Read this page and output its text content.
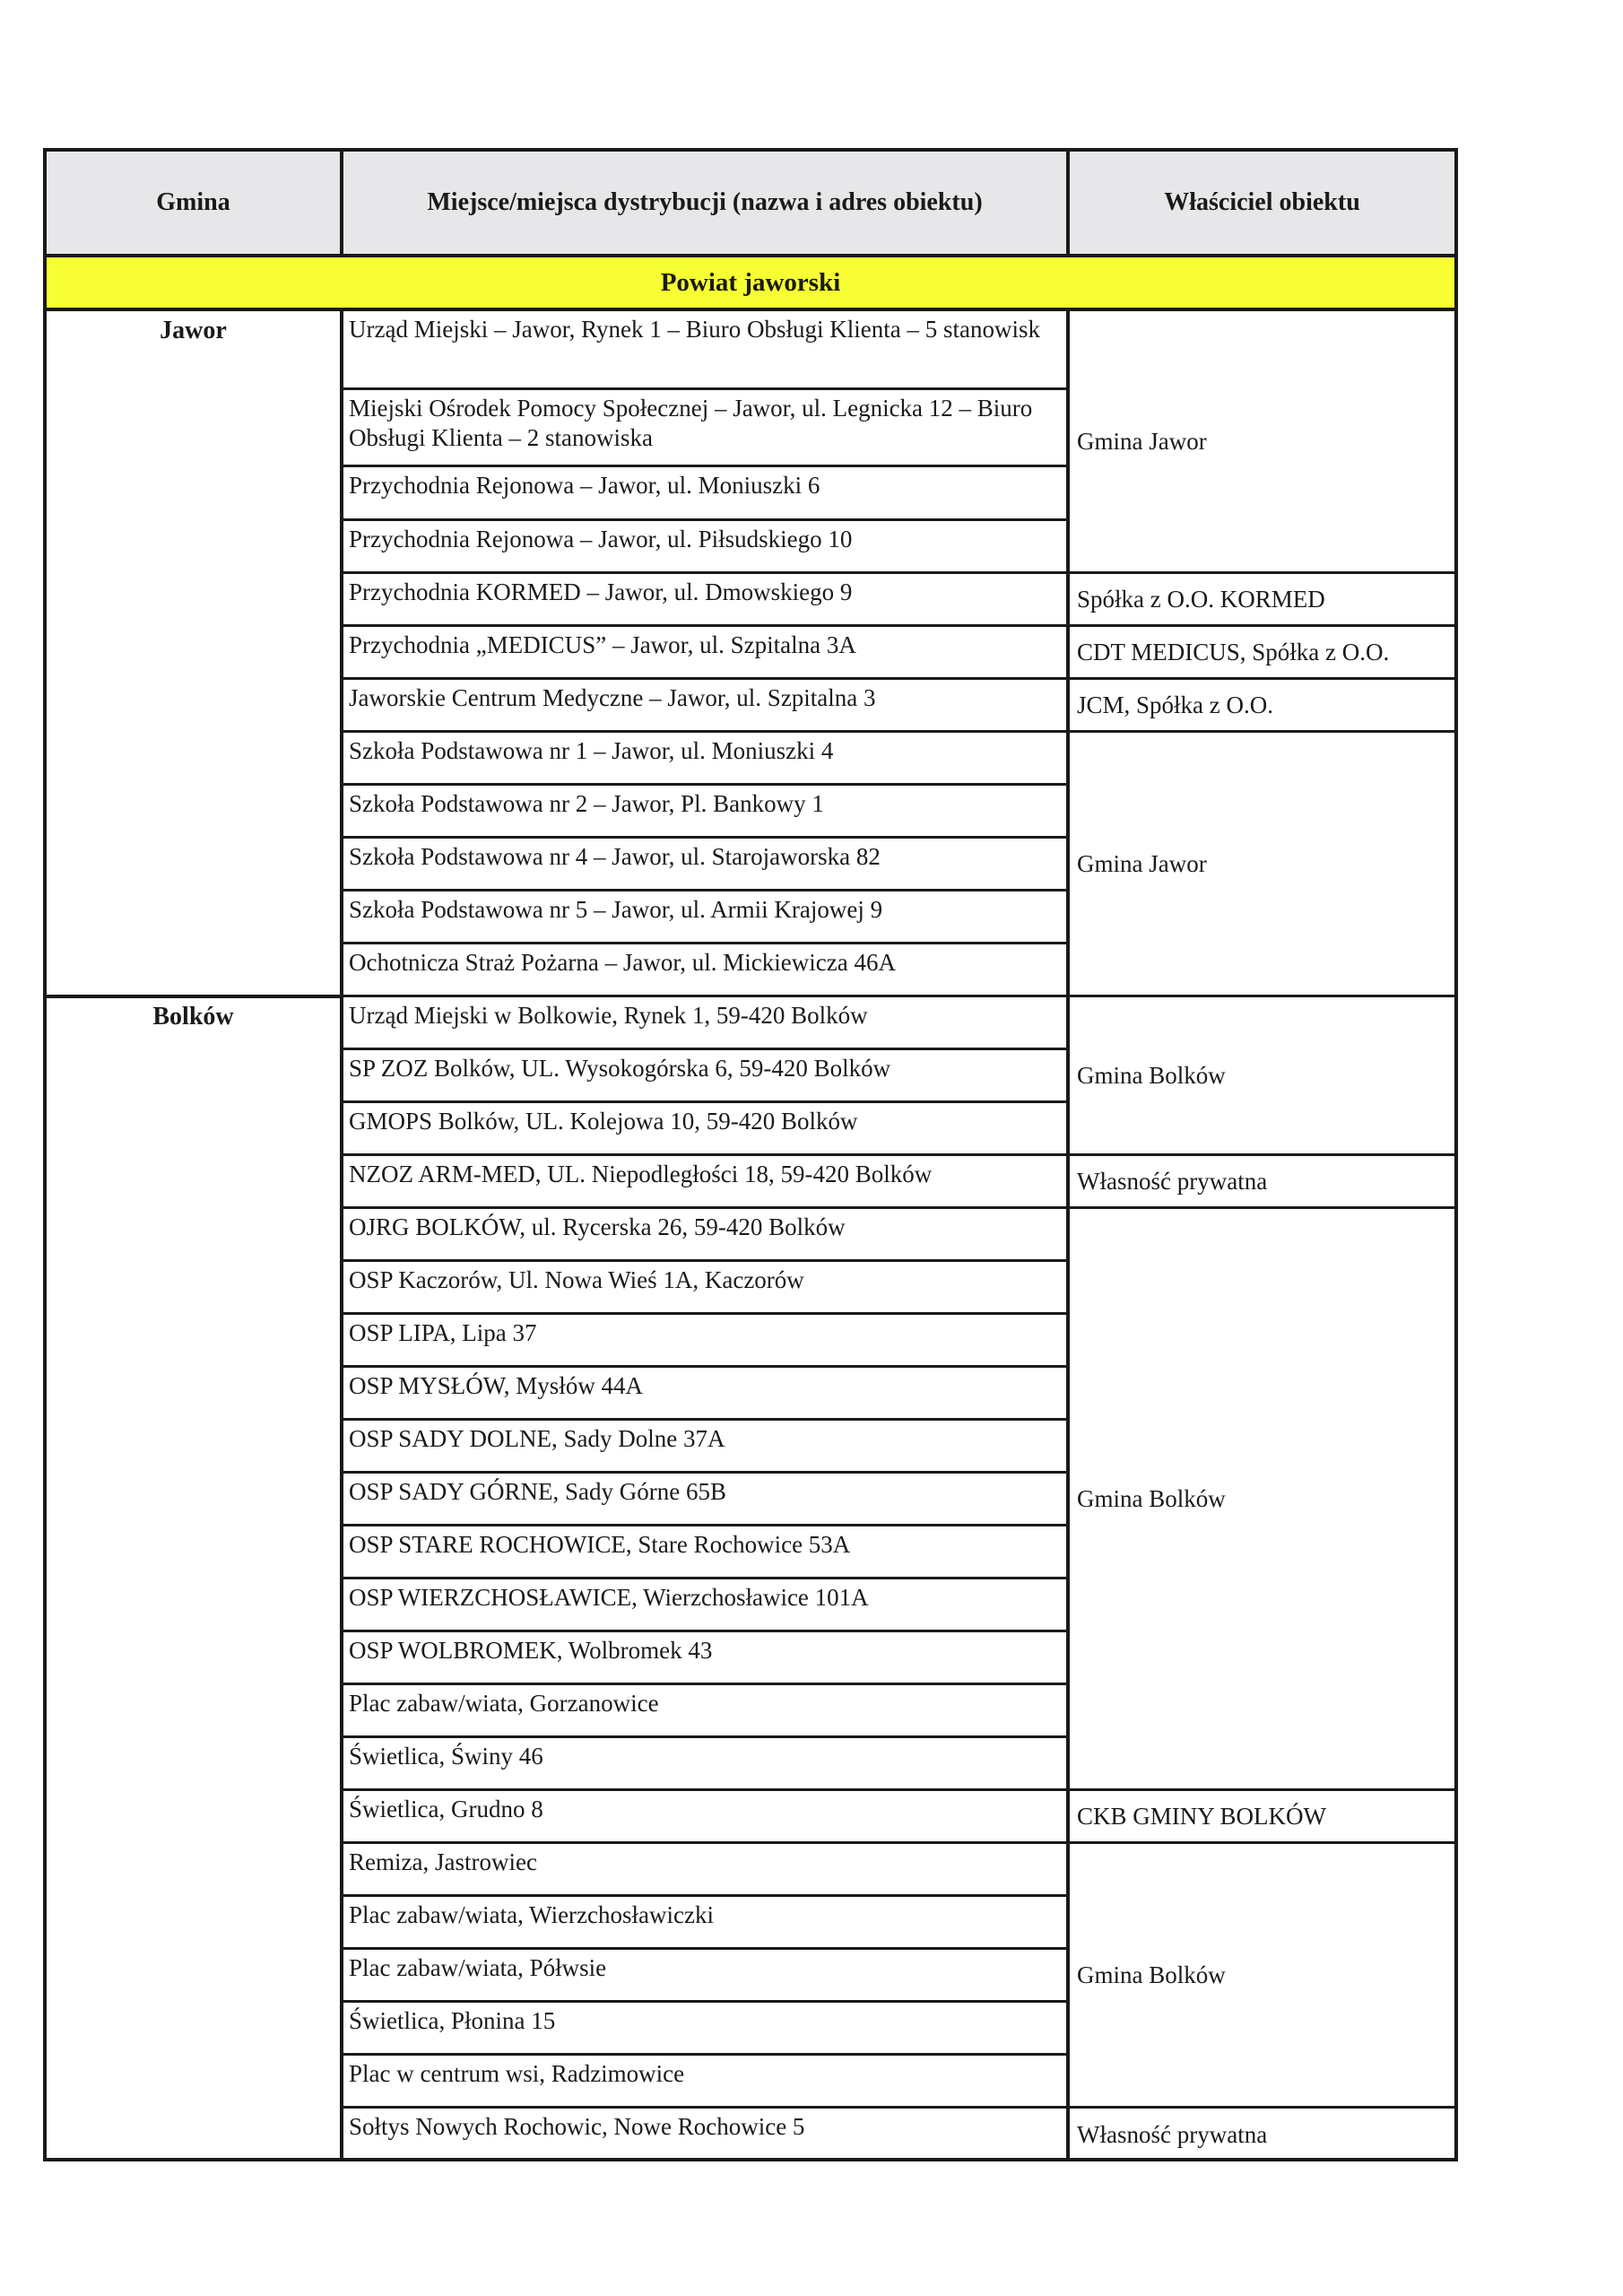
Gmina	Miejsce/miejsca dystrybucji (nazwa i adres obiektu)	Właściciel obiektu
Powiat jaworski
Jawor
Bolków
Urząd Miejski – Jawor, Rynek 1 – Biuro Obsługi Klienta – 5 stanowisk
Miejski Ośrodek Pomocy Społecznej – Jawor, ul. Legnicka 12 – Biuro Obsługi Klienta – 2 stanowiska
Przychodnia Rejonowa – Jawor, ul. Moniuszki 6
Przychodnia Rejonowa – Jawor, ul. Piłsudskiego 10
Przychodnia KORMED – Jawor, ul. Dmowskiego 9
Przychodnia „MEDICUS” – Jawor, ul. Szpitalna 3A
Jaworskie Centrum Medyczne – Jawor, ul. Szpitalna 3
Szkoła Podstawowa nr 1 – Jawor, ul. Moniuszki 4
Szkoła Podstawowa nr 2 – Jawor, Pl. Bankowy 1
Szkoła Podstawowa nr 4 – Jawor, ul. Starojaworska 82
Szkoła Podstawowa nr 5 – Jawor, ul. Armii Krajowej 9
Ochotnicza Straż Pożarna – Jawor, ul. Mickiewicza 46A
Urząd Miejski w Bolkowie, Rynek 1, 59-420 Bolków
SP ZOZ Bolków, UL. Wysokogórska 6, 59-420 Bolków
GMOPS Bolków, UL. Kolejowa 10, 59-420 Bolków
NZOZ ARM-MED, UL. Niepodległości 18, 59-420 Bolków
OJRG BOLKÓW, ul. Rycerska 26, 59-420 Bolków
OSP Kaczorów, Ul. Nowa Wieś 1A, Kaczorów
OSP LIPA, Lipa 37
OSP MYSŁÓW, Mysłów 44A
OSP SADY DOLNE, Sady Dolne 37A
OSP SADY GÓRNE, Sady Górne 65B
OSP STARE ROCHOWICE, Stare Rochowice 53A
OSP WIERZCHOSŁAWICE, Wierzchosławice 101A
OSP WOLBROMEK, Wolbromek 43
Plac zabaw/wiata, Gorzanowice
Świetlica, Świny 46
Świetlica, Grudno 8
Remiza, Jastrowiec
Plac zabaw/wiata, Wierzchosławiczki
Plac zabaw/wiata, Półwsie
Świetlica, Płonina 15
Plac w centrum wsi, Radzimowice
Sołtys Nowych Rochowic, Nowe Rochowice 5
Gmina Jawor
Spółka z O.O. KORMED
CDT MEDICUS, Spółka z O.O.
JCM, Spółka z O.O.
Gmina Jawor
Gmina Bolków
Własność prywatna
Gmina Bolków
CKB GMINY BOLKÓW
Gmina Bolków
Własność prywatna
